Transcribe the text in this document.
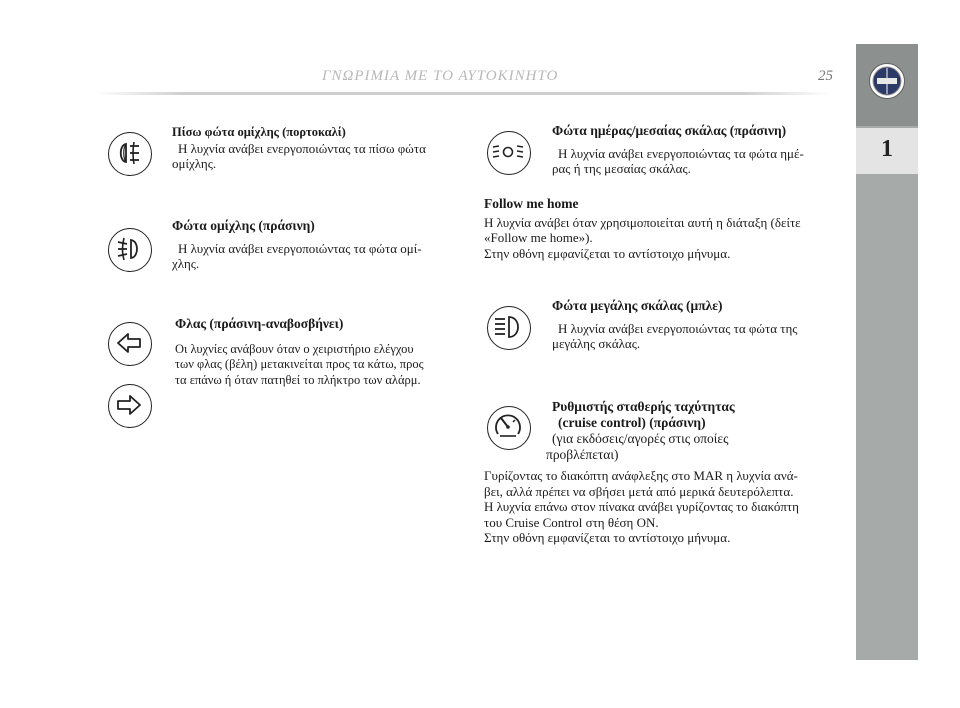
ΓΝΩΡΙΜΙΑ ΜΕ ΤΟ ΑΥΤΟΚΙΝΗΤΟ	25
1
Πίσω φώτα ομίχλης (πορτοκαλί)
Η λυχνία ανάβει ενεργοποιώντας τα πίσω φώτα
ομίχλης.
Φώτα ομίχλης (πράσινη)
Η λυχνία ανάβει ενεργοποιώντας τα φώτα ομί-
χλης.
Φλας (πράσινη-αναβοσβήνει)
Οι λυχνίες ανάβουν όταν ο χειριστήριο ελέγχου
των φλας (βέλη) μετακινείται προς τα κάτω, προς
τα επάνω ή όταν πατηθεί το πλήκτρο των αλάρμ.
Φώτα ημέρας/μεσαίας σκάλας (πράσινη)
Η λυχνία ανάβει ενεργοποιώντας τα φώτα ημέ-
ρας ή της μεσαίας σκάλας.
Follow me home
Η λυχνία ανάβει όταν χρησιμοποιείται αυτή η διάταξη (δείτε
«Follow me home»).
Στην οθόνη εμφανίζεται το αντίστοιχο μήνυμα.
Φώτα μεγάλης σκάλας (μπλε)
Η λυχνία ανάβει ενεργοποιώντας τα φώτα της
μεγάλης σκάλας.
Ρυθμιστής σταθερής ταχύτητας
(cruise control) (πράσινη)
(για εκδόσεις/αγορές στις οποίες
προβλέπεται)
Γυρίζοντας το διακόπτη ανάφλεξης στο MAR η λυχνία ανά-
βει, αλλά πρέπει να σβήσει μετά από μερικά δευτερόλεπτα.
Η λυχνία επάνω στον πίνακα ανάβει γυρίζοντας το διακόπτη
του Cruise Control στη θέση ON.
Στην οθόνη εμφανίζεται το αντίστοιχο μήνυμα.
